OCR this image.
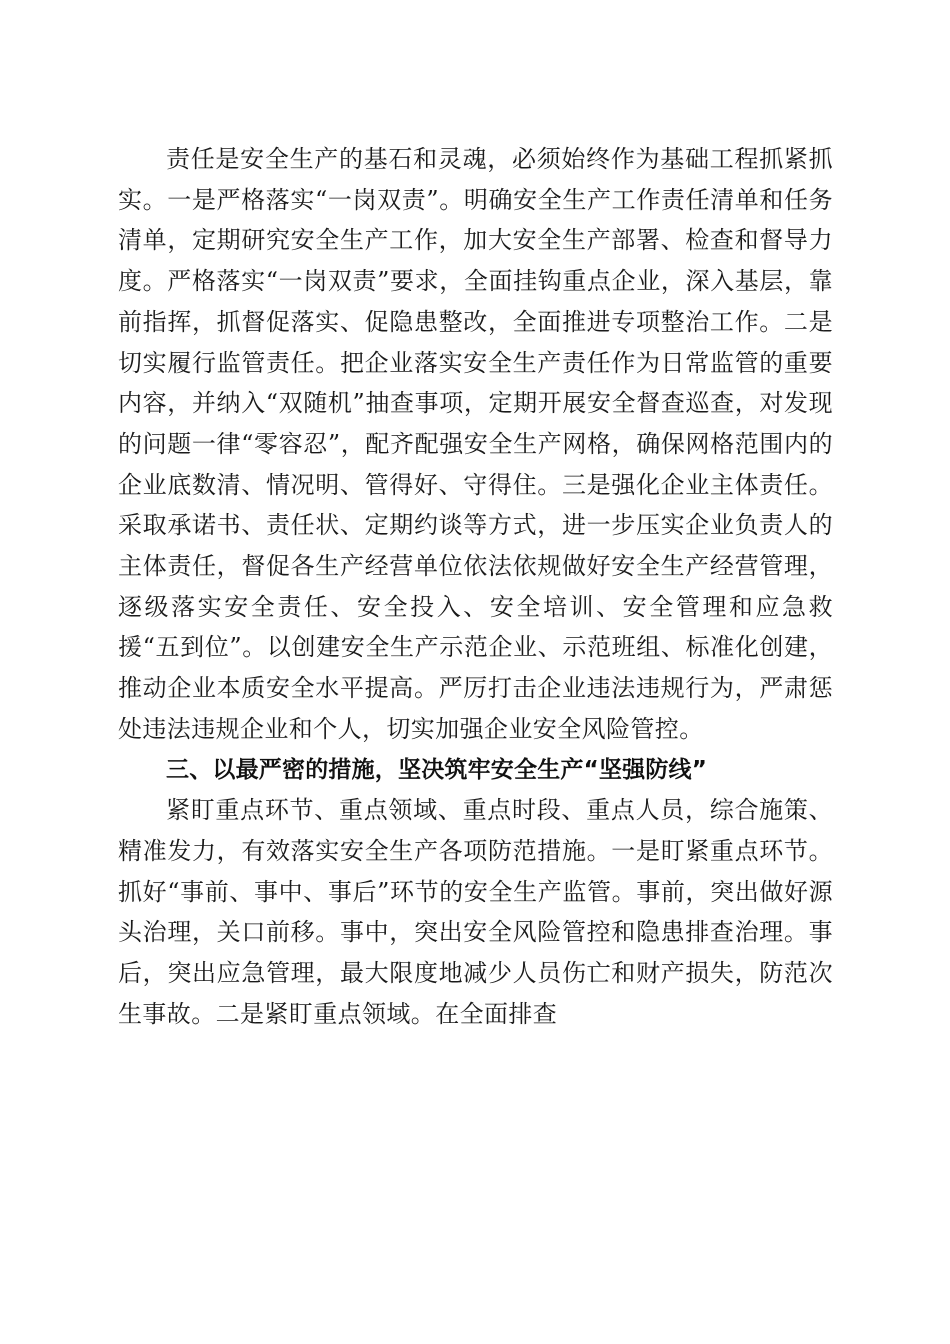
责任是安全生产的基石和灵魂，必须始终作为基础工程抓紧抓实。一是严格落实“一岗双责”。明确安全生产工作责任清单和任务清单，定期研究安全生产工作，加大安全生产部署、检查和督导力度。严格落实“一岗双责”要求，全面挂钩重点企业，深入基层，靠前指挥，抓督促落实、促隐患整改，全面推进专项整治工作。二是切实履行监管责任。把企业落实安全生产责任作为日常监管的重要内容，并纳入“双随机”抽查事项，定期开展安全督查巡查，对发现的问题一律“零容忍”，配齐配强安全生产网格，确保网格范围内的企业底数清、情况明、管得好、守得住。三是强化企业主体责任。采取承诺书、责任状、定期约谈等方式，进一步压实企业负责人的主体责任，督促各生产经营单位依法依规做好安全生产经营管理，逐级落实安全责任、安全投入、安全培训、安全管理和应急救援“五到位”。以创建安全生产示范企业、示范班组、标准化创建，推动企业本质安全水平提高。严厉打击企业违法违规行为，严肃惩处违法违规企业和个人，切实加强企业安全风险管控。

三、以最严密的措施，坚决筑牢安全生产“坚强防线”

紧盯重点环节、重点领域、重点时段、重点人员，综合施策、精准发力，有效落实安全生产各项防范措施。一是盯紧重点环节。抓好“事前、事中、事后”环节的安全生产监管。事前，突出做好源头治理，关口前移。事中，突出安全风险管控和隐患排查治理。事后，突出应急管理，最大限度地减少人员伤亡和财产损失，防范次生事故。二是紧盯重点领域。在全面排查
